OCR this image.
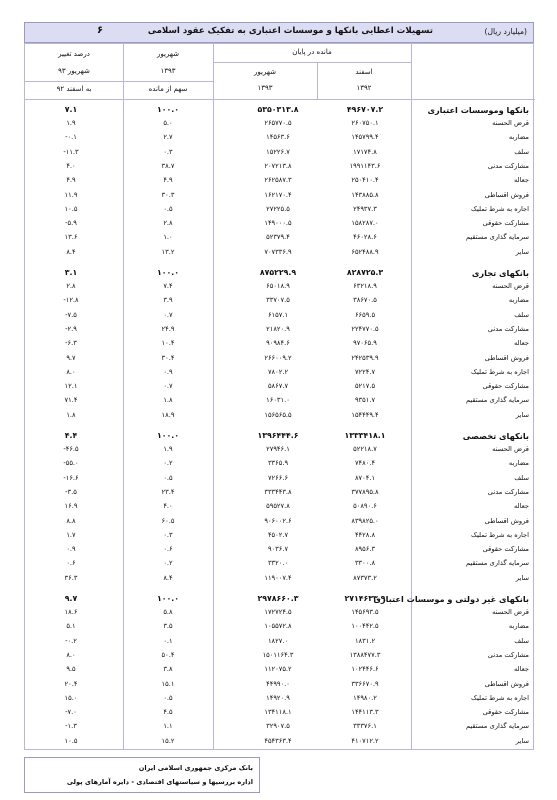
۶	تسهیلات اعطایی بانکها و موسسات اعتباری به تفکیک عقود اسلامی	(میلیارد ریال)
مانده در پایان
اسفند
۱۳۹۲
شهریور
۱۳۹۳
شهریور
۱۳۹۳
سهم از مانده
درصد تغییر
شهریور ۹۳
به اسفند ۹۲
بانکها وموسسات اعتباری
۴۹۶۷۰۷.۲
۵۳۵۰۳۱۳.۸
۱۰۰.۰
۷.۱
قرض الحسنه
۲۶۰۷۵۰.۱
۲۶۵۷۷۰.۵
۵.۰
۱.۹
مضاربه
۱۴۵۷۹۹.۴
۱۴۵۶۳.۶
۲.۷
-۰.۱
سلف
۱۷۱۷۴.۸
۱۵۲۲۶.۷
۰.۳
-۱۱.۳
مشارکت مدنی
۱۹۹۱۱۴۳.۶
۲۰۷۲۱۳.۸
۳۸.۷
۴.۰
جعاله
۲۵۰۴۱۰.۴
۲۶۲۵۸۷.۳
۴.۹
۴.۹
فروش اقساطی
۱۴۳۸۸۵.۸
۱۶۲۱۷۰.۴
۳۰.۳
۱۱.۹
اجاره به شرط تملیک
۲۴۹۳۷.۳
۲۷۲۲۵.۵
۰.۵
۱۰.۵
مشارکت حقوقی
۱۵۸۲۸۷.۰
۱۴۹۰۰۰.۵
۲.۸
-۵.۹
سرمایه گذاری مستقیم
۴۶۰۲۸.۶
۵۲۳۷۹.۴
۱.۰
۱۳.۶
سایر
۶۵۲۴۸۸.۹
۷۰۷۳۳۶.۹
۱۳.۲
۸.۴
بانکهای تجاری
۸۲۸۷۲۵.۳
۸۷۵۲۲۹.۹
۱۰۰.۰
۳.۱
قرض الحسنه
۶۳۲۱۸.۹
۶۵۰۱۸.۹
۷.۴
۲.۸
مضاربه
۳۸۶۷۰.۵
۳۳۷۰۷.۵
۳.۹
-۱۲.۸
سلف
۶۶۵۹.۵
۶۱۵۷.۱
۰.۷
-۷.۵
مشارکت مدنی
۲۲۴۷۷۰.۵
۲۱۸۲۰.۹
۲۴.۹
-۲.۹
جعاله
۹۷۰۶۵.۹
۹۰۹۸۴.۶
۱۰.۴
-۶.۳
فروش اقساطی
۲۴۲۵۳۹.۹
۲۶۶۰۰۹.۲
۳۰.۴
۹.۷
اجاره به شرط تملیک
۷۲۲۴.۷
۷۸۰۲.۲
۰.۹
۸.۰
مشارکت حقوقی
۵۲۱۷.۵
۵۸۶۷.۷
۰.۷
۱۲.۱
سرمایه گذاری مستقیم
۹۳۵۱.۷
۱۶۰۳۱.۰
۱.۸
۷۱.۴
سایر
۱۵۴۴۴۹.۴
۱۵۶۵۶۵.۵
۱۸.۹
۱.۸
بانکهای تخصصی
۱۳۳۳۴۱۸.۱
۱۳۹۶۴۴۴.۶
۱۰۰.۰
۴.۴
قرض الحسنه
۵۲۲۱۸.۷
۲۷۹۴۶.۱
۱.۹
-۴۶.۵
مضاربه
۷۴۸۰.۴
۳۳۶۵.۹
۰.۲
-۵۵.۰
سلف
۸۷۰۴.۱
۷۲۶۶.۶
۰.۵
-۱۶.۶
مشارکت مدنی
۳۷۷۸۹۵.۸
۳۳۳۴۴۳.۸
۲۳.۴
-۳.۵
جعاله
۵۰۸۹۰.۶
۵۹۵۲۷.۸
۴.۰
۱۶.۹
فروش اقساطی
۸۳۹۸۲۵.۰
۹۰۶۰۰۲.۶
۶۰.۵
۸.۸
اجاره به شرط تملیک
۴۴۲۸.۸
۴۵۰۲.۷
۰.۳
۱.۷
مشارکت حقوقی
۸۹۵۶.۳
۹۰۳۶.۷
۰.۶
۰.۹
سرمایه گذاری مستقیم
۳۳۰۰.۸
۳۳۲۰.۰
۰.۲
۰.۶
سایر
۸۷۳۷۳.۲
۱۱۹۰۰۷.۴
۸.۴
۳۶.۳
بانکهای غیر دولتی و موسسات اعتباری
۲۷۱۴۶۳۳.۹
۲۹۷۸۶۶۰.۳
۱۰۰.۰
۹.۷
قرض الحسنه
۱۴۵۶۹۳.۵
۱۷۲۷۲۴.۵
۵.۸
۱۸.۶
مضاربه
۱۰۰۴۴۲.۵
۱۰۵۵۷۲.۸
۳.۵
۵.۱
سلف
۱۸۳۱.۲
۱۸۲۷.۰
۰.۱
-۰.۲
مشارکت مدنی
۱۳۸۸۴۷۷.۳
۱۵۰۱۱۶۴.۳
۵۰.۴
۸.۰
جعاله
۱۰۲۴۴۶.۶
۱۱۲۰۷۵.۲
۳.۸
۹.۵
فروش اقساطی
۳۳۶۶۷۰.۹
۴۴۹۹۰.۰
۱۵.۱
۲۰.۴
اجاره به شرط تملیک
۱۴۹۸۰.۲
۱۴۹۲۰.۹
۰.۵
۱۵.۰
مشارکت حقوقی
۱۴۴۱۱۳.۳
۱۳۴۱۱۸.۱
۴.۵
-۷.۰
سرمایه گذاری مستقیم
۳۳۳۷۶.۱
۳۲۹۰۷.۵
۱.۱
-۱.۳
سایر
۴۱۰۷۱۲.۲
۴۵۴۳۶۳.۴
۱۵.۲
۱۰.۵
بانک مرکزی جمهوری اسلامی ایران
اداره بررسیها و سیاستهای اقتصادی - دایره آمارهای پولی
